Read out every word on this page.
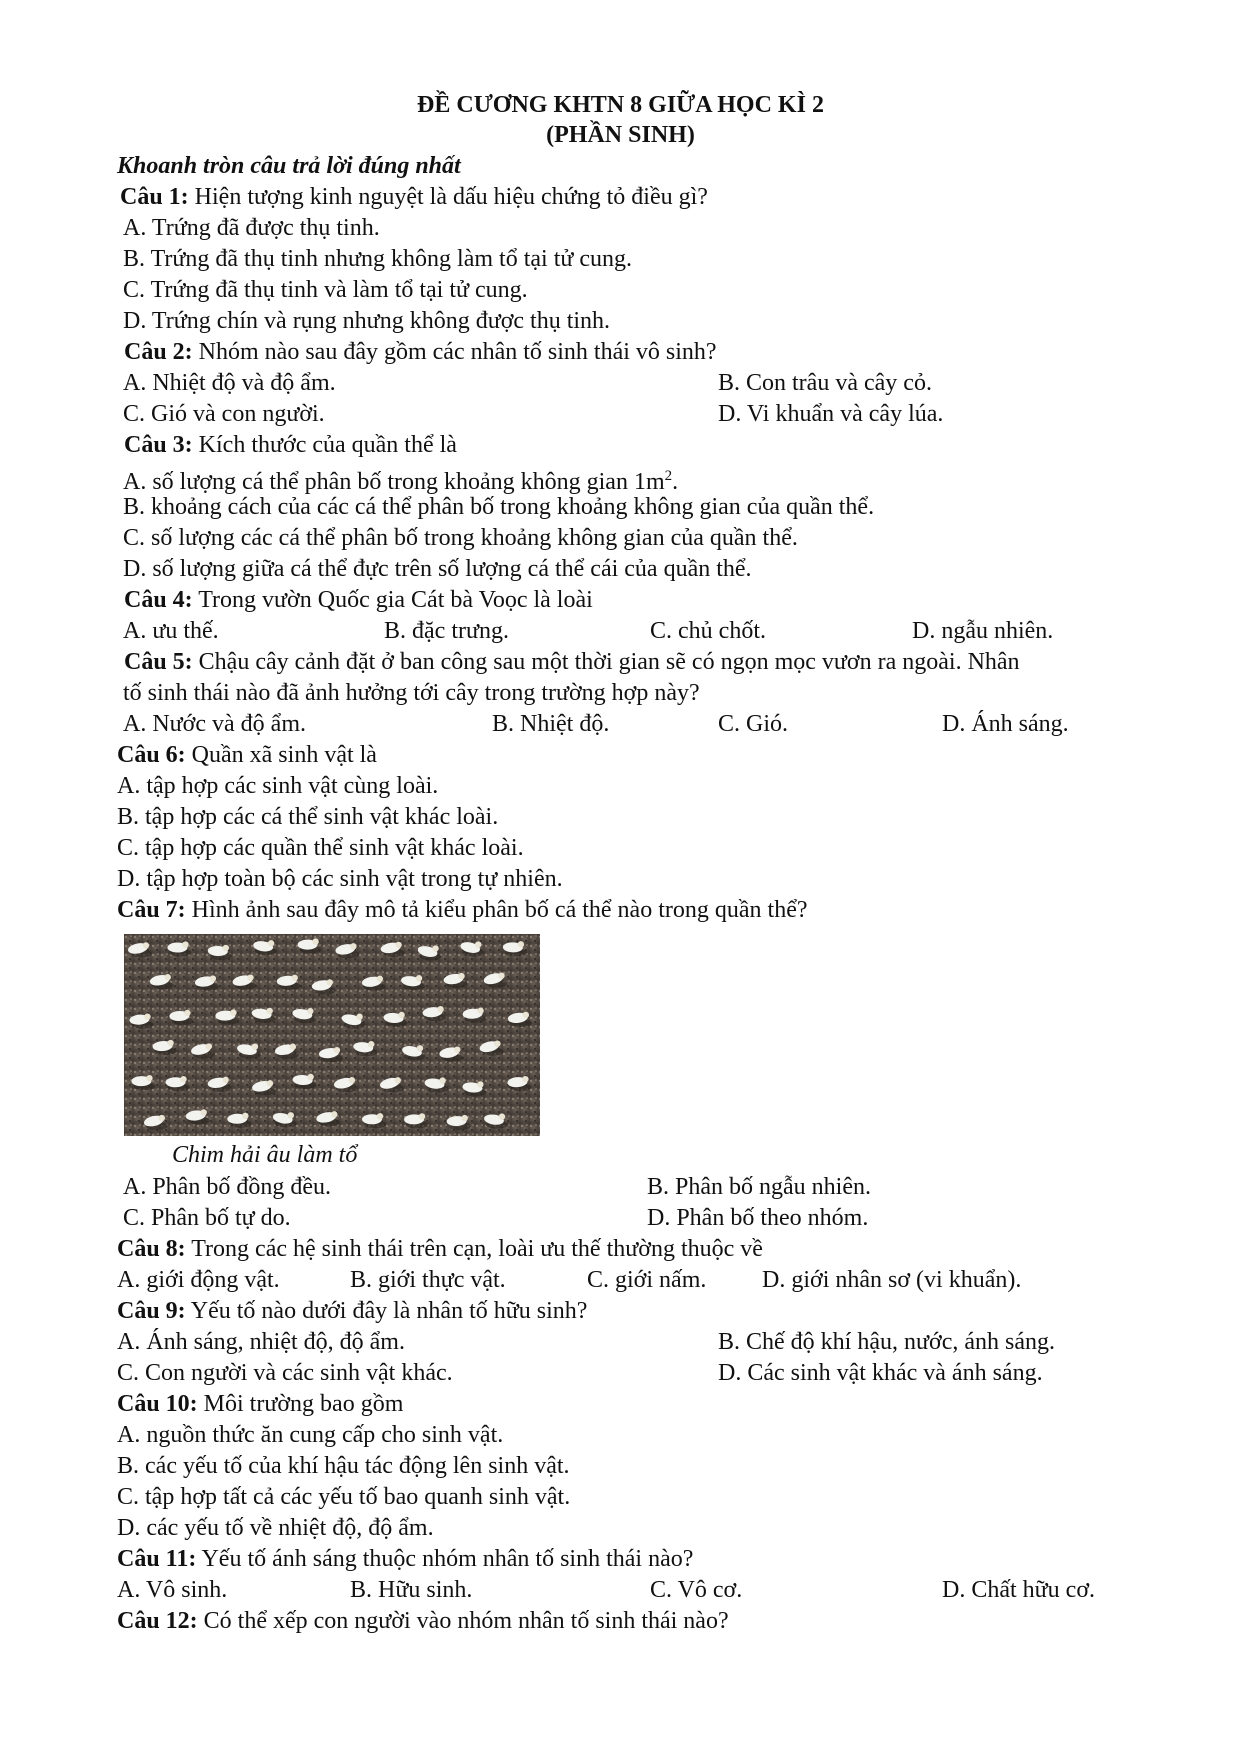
ĐỀ CƯƠNG KHTN 8 GIỮA HỌC KÌ 2
(PHẦN SINH)
Khoanh tròn câu trả lời đúng nhất
Câu 1: Hiện tượng kinh nguyệt là dấu hiệu chứng tỏ điều gì?
A. Trứng đã được thụ tinh.
B. Trứng đã thụ tinh nhưng không làm tổ tại tử cung.
C. Trứng đã thụ tinh và làm tổ tại tử cung.
D. Trứng chín và rụng nhưng không được thụ tinh.
Câu 2: Nhóm nào sau đây gồm các nhân tố sinh thái vô sinh?
A. Nhiệt độ và độ ẩm.	B. Con trâu và cây cỏ.
C. Gió và con người.	D. Vi khuẩn và cây lúa.
Câu 3: Kích thước của quần thể là
A. số lượng cá thể phân bố trong khoảng không gian $1m^2$.
B. khoảng cách của các cá thể phân bố trong khoảng không gian của quần thể.
C. số lượng các cá thể phân bố trong khoảng không gian của quần thể.
D. số lượng giữa cá thể đực trên số lượng cá thể cái của quần thể.
Câu 4: Trong vườn Quốc gia Cát bà Voọc là loài
A. ưu thế.	B. đặc trưng.	C. chủ chốt.	D. ngẫu nhiên.
Câu 5: Chậu cây cảnh đặt ở ban công sau một thời gian sẽ có ngọn mọc vươn ra ngoài. Nhân
tố sinh thái nào đã ảnh hưởng tới cây trong trường hợp này?
A. Nước và độ ẩm.	B. Nhiệt độ.	C. Gió.	D. Ánh sáng.
Câu 6: Quần xã sinh vật là
A. tập hợp các sinh vật cùng loài.
B. tập hợp các cá thể sinh vật khác loài.
C. tập hợp các quần thể sinh vật khác loài.
D. tập hợp toàn bộ các sinh vật trong tự nhiên.
Câu 7: Hình ảnh sau đây mô tả kiểu phân bố cá thể nào trong quần thể?
Chim hải âu làm tổ
A. Phân bố đồng đều.	B. Phân bố ngẫu nhiên.
C. Phân bố tự do.	D. Phân bố theo nhóm.
Câu 8: Trong các hệ sinh thái trên cạn, loài ưu thế thường thuộc về
A. giới động vật.	B. giới thực vật.	C. giới nấm. D. giới nhân sơ (vi khuẩn).
Câu 9: Yếu tố nào dưới đây là nhân tố hữu sinh?
A. Ánh sáng, nhiệt độ, độ ẩm.	B. Chế độ khí hậu, nước, ánh sáng.
C. Con người và các sinh vật khác.	D. Các sinh vật khác và ánh sáng.
Câu 10: Môi trường bao gồm
A. nguồn thức ăn cung cấp cho sinh vật.
B. các yếu tố của khí hậu tác động lên sinh vật.
C. tập hợp tất cả các yếu tố bao quanh sinh vật.
D. các yếu tố về nhiệt độ, độ ẩm.
Câu 11: Yếu tố ánh sáng thuộc nhóm nhân tố sinh thái nào?
A. Vô sinh.	B. Hữu sinh.	C. Vô cơ.	D. Chất hữu cơ.
Câu 12: Có thể xếp con người vào nhóm nhân tố sinh thái nào?
